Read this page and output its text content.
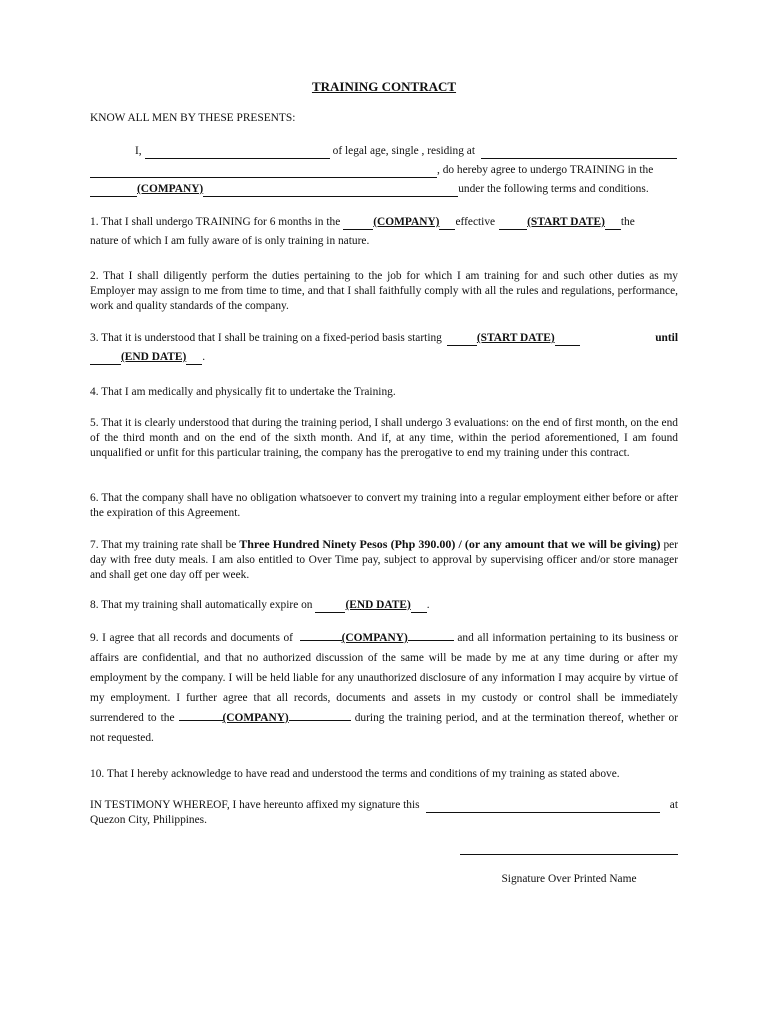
TRAINING CONTRACT
KNOW ALL MEN BY THESE PRESENTS:
I,	of legal age, single , residing at
, do hereby agree to undergo TRAINING in the
(COMPANY)	under the following terms and conditions.
1. That I shall undergo TRAINING for 6 months in the	(COMPANY) effective	(START DATE) the
nature of which I am fully aware of is only training in nature.
2. That I shall diligently perform the duties pertaining to the job for which I am training for and such other duties as my Employer may assign to me from time to time, and that I shall faithfully comply with all the rules and regulations, performance, work and quality standards of the company.
3. That it is understood that I shall be training on a fixed-period basis starting	(START DATE)	until
(END DATE) .
4. That I am medically and physically fit to undertake the Training.
5. That it is clearly understood that during the training period, I shall undergo 3 evaluations: on the end of first month, on the end of the third month and on the end of the sixth month. And if, at any time, within the period aforementioned, I am found unqualified or unfit for this particular training, the company has the prerogative to end my training under this contract.
6. That the company shall have no obligation whatsoever to convert my training into a regular employment either before or after the expiration of this Agreement.
7. That my training rate shall be Three Hundred Ninety Pesos (Php 390.00) / (or any amount that we will be giving) per day with free duty meals. I am also entitled to Over Time pay, subject to approval by supervising officer and/or store manager and shall get one day off per week.
8. That my training shall automatically expire on	(END DATE) .
9. I agree that all records and documents of	(COMPANY)	and all information pertaining to its business or affairs are confidential, and that no authorized discussion of the same will be made by me at any time during or after my employment by the company. I will be held liable for any unauthorized disclosure of any information I may acquire by virtue of my employment. I further agree that all records, documents and assets in my custody or control shall be immediately surrendered to the	(COMPANY)	during the training period, and at the termination thereof, whether or not requested.
10. That I hereby acknowledge to have read and understood the terms and conditions of my training as stated above.
IN TESTIMONY WHEREOF, I have hereunto affixed my signature this	at
Quezon City, Philippines.
Signature Over Printed Name
